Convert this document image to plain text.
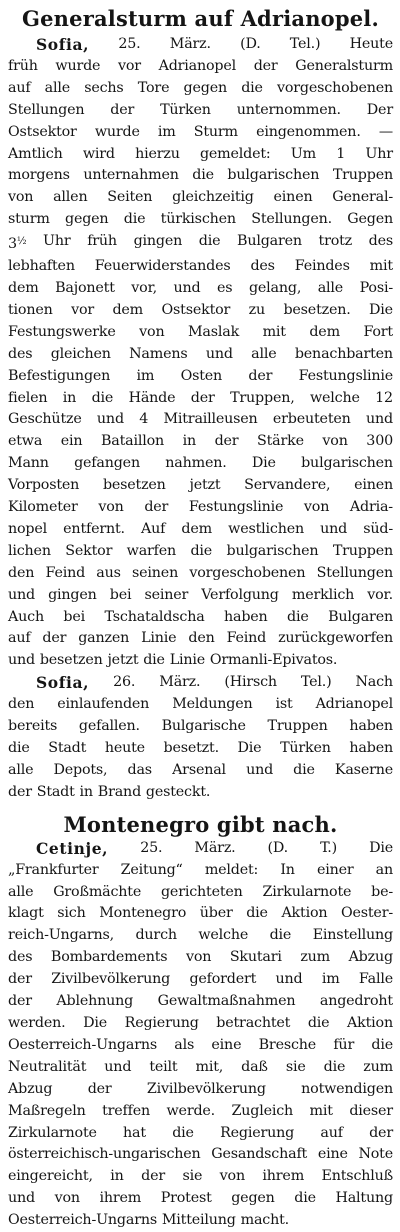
Generalsturm auf Adrianopel.
Sofia, 25. März. (D. Tel.) Heute
früh wurde vor Adrianopel der Generalsturm
auf alle sechs Tore gegen die vorgeschobenen
Stellungen der Türken unternommen. Der
Ostsektor wurde im Sturm eingenommen. —
Amtlich wird hierzu gemeldet: Um 1 Uhr
morgens unternahmen die bulgarischen Truppen
von allen Seiten gleichzeitig einen General-
sturm gegen die türkischen Stellungen. Gegen
$3^{\frac{1}{2}}$ Uhr früh gingen die Bulgaren trotz des
lebhaften Feuerwiderstandes des Feindes mit
dem Bajonett vor, und es gelang, alle Posi-
tionen vor dem Ostsektor zu besetzen. Die
Festungswerke von Maslak mit dem Fort
des gleichen Namens und alle benachbarten
Befestigungen im Osten der Festungslinie
fielen in die Hände der Truppen, welche 12
Geschütze und 4 Mitrailleusen erbeuteten und
etwa ein Bataillon in der Stärke von 300
Mann gefangen nahmen. Die bulgarischen
Vorposten besetzen jetzt Servandere, einen
Kilometer von der Festungslinie von Adria-
nopel entfernt. Auf dem westlichen und süd-
lichen Sektor warfen die bulgarischen Truppen
den Feind aus seinen vorgeschobenen Stellungen
und gingen bei seiner Verfolgung merklich vor.
Auch bei Tschataldscha haben die Bulgaren
auf der ganzen Linie den Feind zurückgeworfen
und besetzen jetzt die Linie Ormanli-Epivatos.
Sofia, 26. März. (Hirsch Tel.) Nach
den einlaufenden Meldungen ist Adrianopel
bereits gefallen. Bulgarische Truppen haben
die Stadt heute besetzt. Die Türken haben
alle Depots, das Arsenal und die Kaserne
der Stadt in Brand gesteckt.
Montenegro gibt nach.
Cetinje, 25. März. (D. T.) Die
„Frankfurter Zeitung“ meldet: In einer an
alle Großmächte gerichteten Zirkularnote be-
klagt sich Montenegro über die Aktion Oester-
reich-Ungarns, durch welche die Einstellung
des Bombardements von Skutari zum Abzug
der Zivilbevölkerung gefordert und im Falle
der Ablehnung Gewaltmaßnahmen angedroht
werden. Die Regierung betrachtet die Aktion
Oesterreich-Ungarns als eine Bresche für die
Neutralität und teilt mit, daß sie die zum
Abzug der Zivilbevölkerung notwendigen
Maßregeln treffen werde. Zugleich mit dieser
Zirkularnote hat die Regierung auf der
österreichisch-ungarischen Gesandschaft eine Note
eingereicht, in der sie von ihrem Entschluß
und von ihrem Protest gegen die Haltung
Oesterreich-Ungarns Mitteilung macht.
